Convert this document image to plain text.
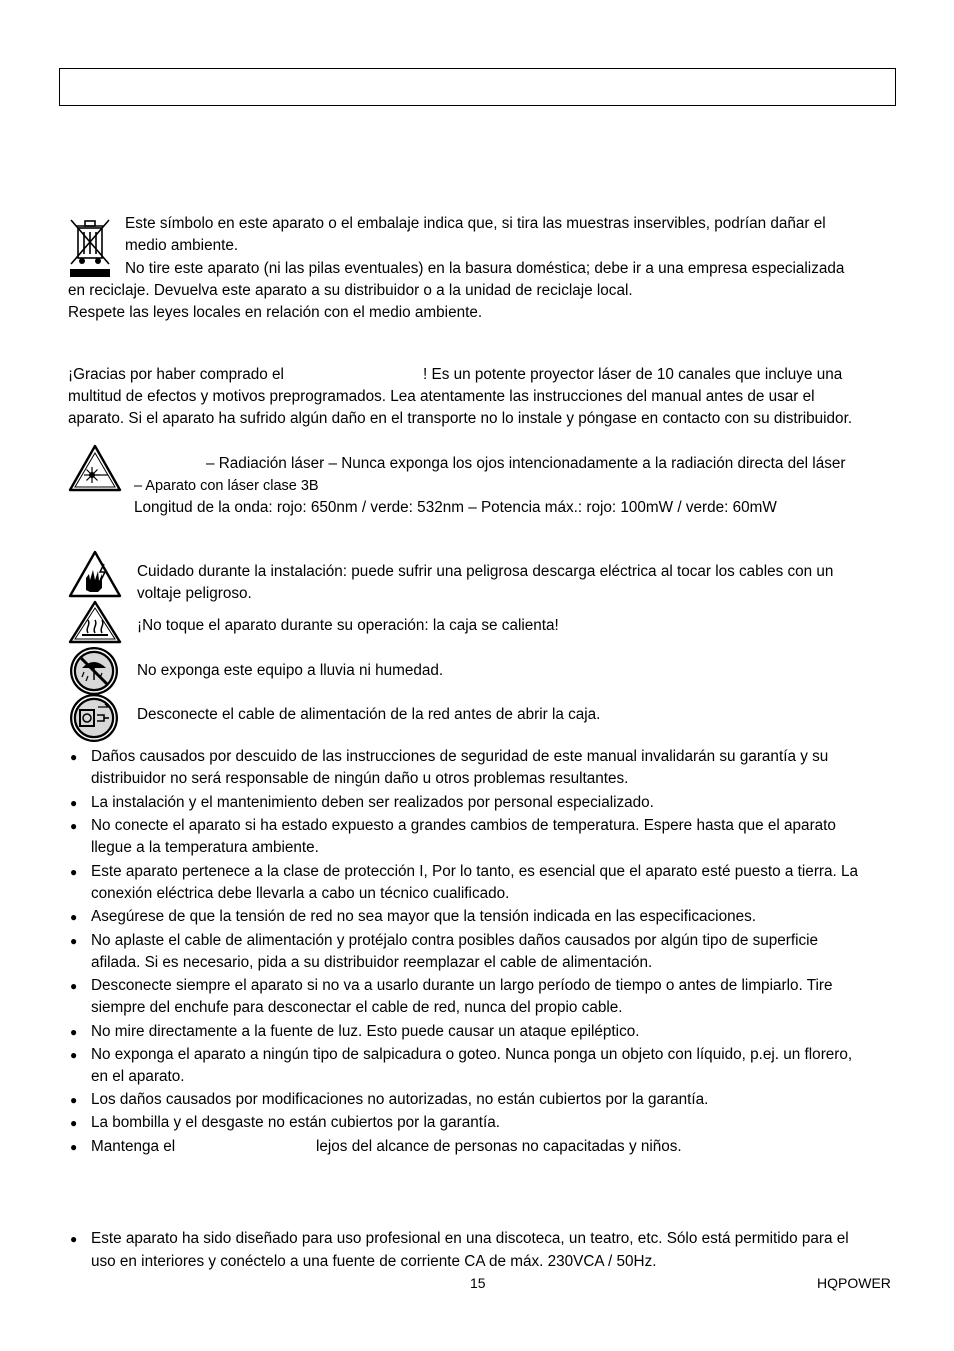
Este símbolo en este aparato o el embalaje indica que, si tira las muestras inservibles, podrían dañar el
medio ambiente.
No tire este aparato (ni las pilas eventuales) en la basura doméstica; debe ir a una empresa especializada
en reciclaje. Devuelva este aparato a su distribuidor o a la unidad de reciclaje local.
Respete las leyes locales en relación con el medio ambiente.
¡Gracias por haber comprado el	! Es un potente proyector láser de 10 canales que incluye una
multitud de efectos y motivos preprogramados. Lea atentamente las instrucciones del manual antes de usar el
aparato. Si el aparato ha sufrido algún daño en el transporte no lo instale y póngase en contacto con su distribuidor.
– Radiación láser – Nunca exponga los ojos intencionadamente a la radiación directa del láser
– Aparato con láser clase 3B
Longitud de la onda: rojo: 650nm / verde: 532nm – Potencia máx.: rojo: 100mW / verde: 60mW
Cuidado durante la instalación: puede sufrir una peligrosa descarga eléctrica al tocar los cables con un
voltaje peligroso.
¡No toque el aparato durante su operación: la caja se calienta!
No exponga este equipo a lluvia ni humedad.
Desconecte el cable de alimentación de la red antes de abrir la caja.
● Daños causados por descuido de las instrucciones de seguridad de este manual invalidarán su garantía y su
distribuidor no será responsable de ningún daño u otros problemas resultantes.
● La instalación y el mantenimiento deben ser realizados por personal especializado.
● No conecte el aparato si ha estado expuesto a grandes cambios de temperatura. Espere hasta que el aparato
llegue a la temperatura ambiente.
● Este aparato pertenece a la clase de protección I, Por lo tanto, es esencial que el aparato esté puesto a tierra. La
conexión eléctrica debe llevarla a cabo un técnico cualificado.
● Asegúrese de que la tensión de red no sea mayor que la tensión indicada en las especificaciones.
● No aplaste el cable de alimentación y protéjalo contra posibles daños causados por algún tipo de superficie
afilada. Si es necesario, pida a su distribuidor reemplazar el cable de alimentación.
● Desconecte siempre el aparato si no va a usarlo durante un largo período de tiempo o antes de limpiarlo. Tire
siempre del enchufe para desconectar el cable de red, nunca del propio cable.
● No mire directamente a la fuente de luz. Esto puede causar un ataque epiléptico.
● No exponga el aparato a ningún tipo de salpicadura o goteo. Nunca ponga un objeto con líquido, p.ej. un florero,
en el aparato.
● Los daños causados por modificaciones no autorizadas, no están cubiertos por la garantía.
● La bombilla y el desgaste no están cubiertos por la garantía.
● Mantenga el	lejos del alcance de personas no capacitadas y niños.
● Este aparato ha sido diseñado para uso profesional en una discoteca, un teatro, etc. Sólo está permitido para el
uso en interiores y conéctelo a una fuente de corriente CA de máx. 230VCA / 50Hz.
15	HQPOWER
